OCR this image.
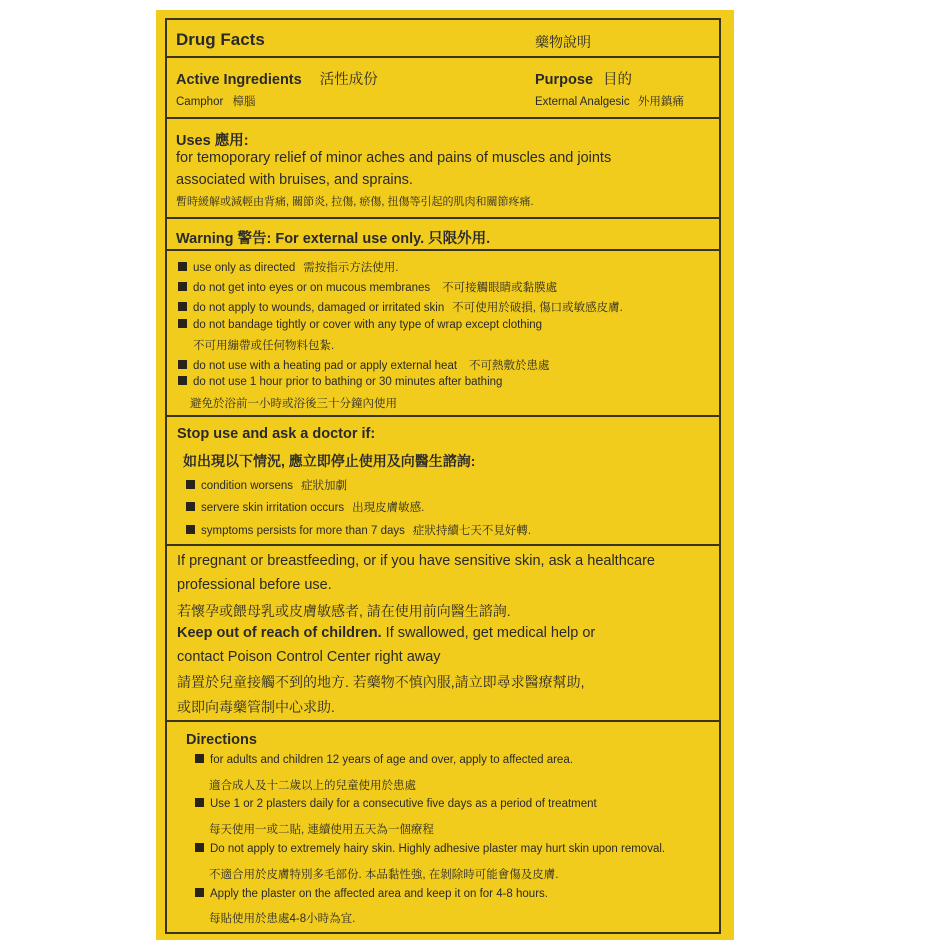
Drug Facts	藥物說明
Active Ingredients 活性成份	Purpose 目的
Camphor 樟腦	External Analgesic 外用鎮痛
Uses 應用:
for temoporary relief of minor aches and pains of muscles and joints
associated with bruises, and sprains.
暫時緩解或減輕由背痛, 關節炎, 拉傷, 瘀傷, 扭傷等引起的肌肉和關節疼痛.
Warning 警告: For external use only. 只限外用.
use only as directed 需按指示方法使用.
do not get into eyes or on mucous membranes 不可接觸眼睛或黏膜處
do not apply to wounds, damaged or irritated skin 不可使用於破損, 傷口或敏感皮膚.
do not bandage tightly or cover with any type of wrap except clothing
不可用繃帶或任何物料包紮.
do not use with a heating pad or apply external heat 不可熱敷於患處
do not use 1 hour prior to bathing or 30 minutes after bathing
避免於浴前一小時或浴後三十分鐘內使用
Stop use and ask a doctor if:
如出現以下情況, 應立即停止使用及向醫生諮詢:
condition worsens 症狀加劇
servere skin irritation occurs 出現皮膚敏感.
symptoms persists for more than 7 days 症狀持續七天不見好轉.
If pregnant or breastfeeding, or if you have sensitive skin, ask a healthcare
professional before use.
若懷孕或餵母乳或皮膚敏感者, 請在使用前向醫生諮詢.
Keep out of reach of children. If swallowed, get medical help or
contact Poison Control Center right away
請置於兒童接觸不到的地方. 若藥物不慎內服,請立即尋求醫療幫助,
或即向毒藥管制中心求助.
Directions
for adults and children 12 years of age and over, apply to affected area.
適合成人及十二歲以上的兒童使用於患處
Use 1 or 2 plasters daily for a consecutive five days as a period of treatment
每天使用一或二貼, 連續使用五天為一個療程
Do not apply to extremely hairy skin. Highly adhesive plaster may hurt skin upon removal.
不適合用於皮膚特別多毛部份. 本品黏性強, 在剝除時可能會傷及皮膚.
Apply the plaster on the affected area and keep it on for 4-8 hours.
每貼使用於患處4-8小時為宜.
